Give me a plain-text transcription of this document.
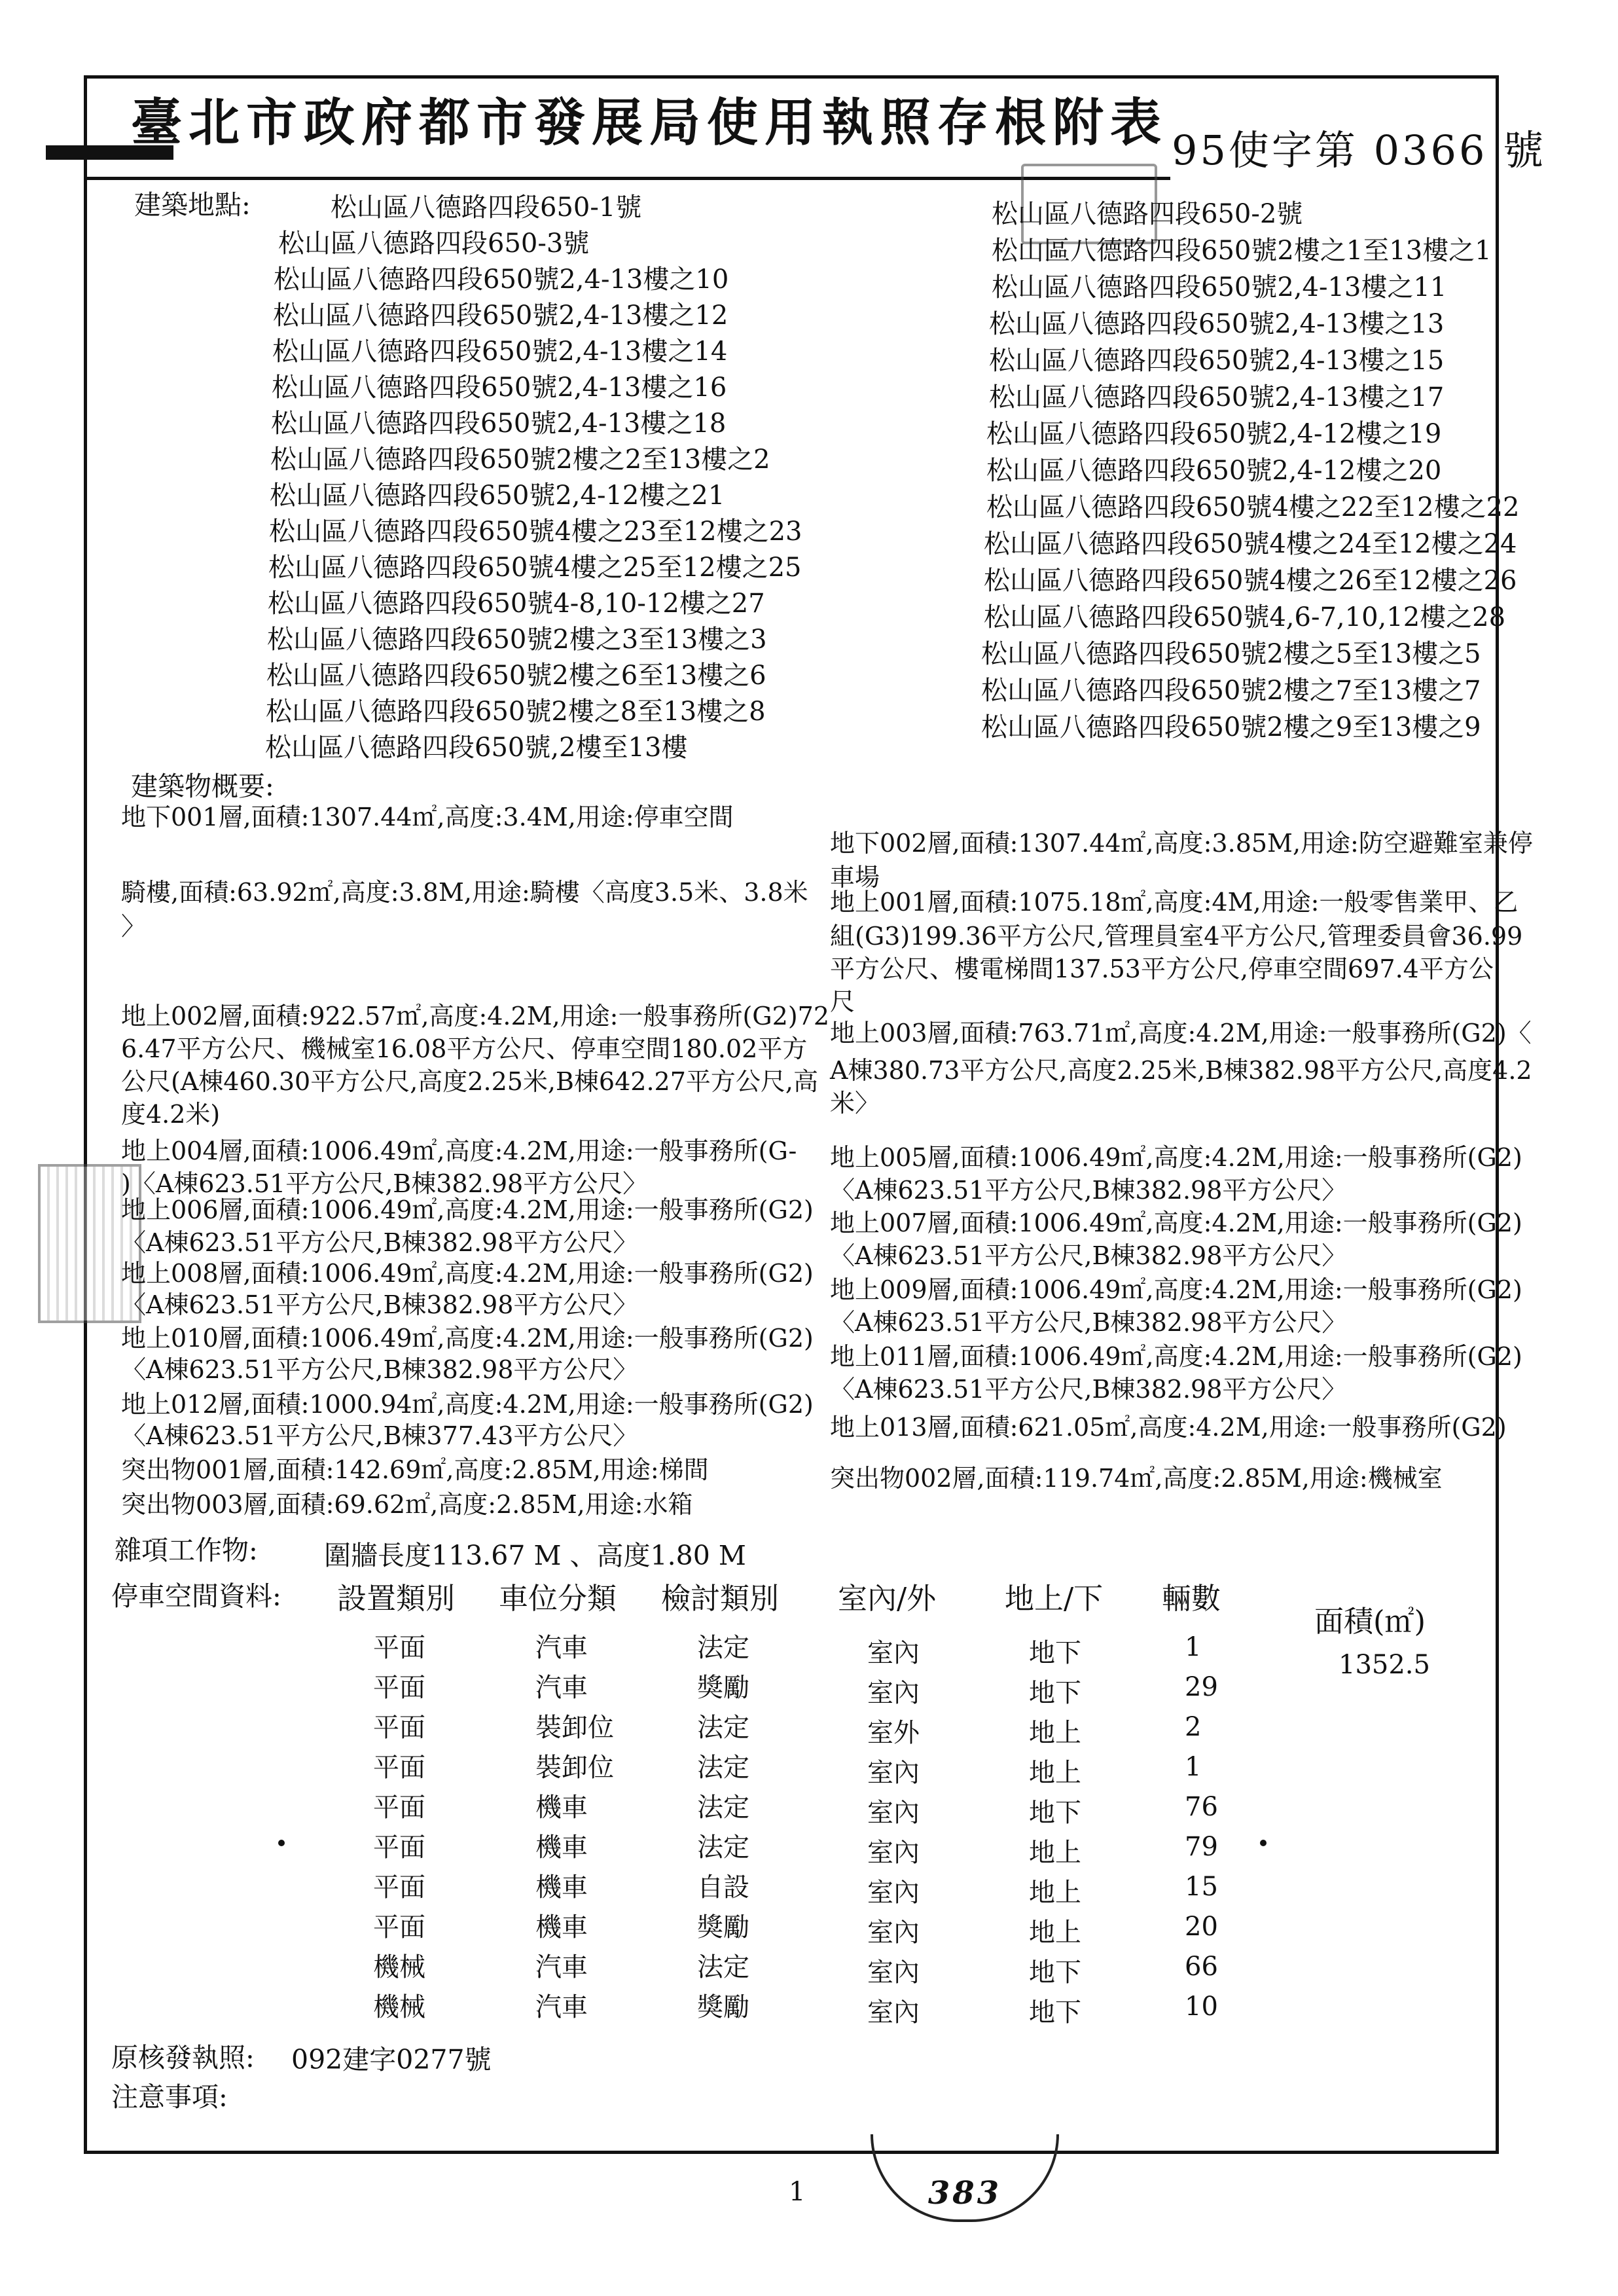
臺北市政府都市發展局使用執照存根附表 95使字第 0366 號
建築地點:	松山區八德路四段650-1號
松山區八德路四段650-3號
松山區八德路四段650號2,4-13樓之10
松山區八德路四段650號2,4-13樓之12
松山區八德路四段650號2,4-13樓之14
松山區八德路四段650號2,4-13樓之16
松山區八德路四段650號2,4-13樓之18
松山區八德路四段650號2樓之2至13樓之2
松山區八德路四段650號2,4-12樓之21
松山區八德路四段650號4樓之23至12樓之23
松山區八德路四段650號4樓之25至12樓之25
松山區八德路四段650號4-8,10-12樓之27
松山區八德路四段650號2樓之3至13樓之3
松山區八德路四段650號2樓之6至13樓之6
松山區八德路四段650號2樓之8至13樓之8
松山區八德路四段650號,2樓至13樓
松山區八德路四段650-2號
松山區八德路四段650號2樓之1至13樓之1
松山區八德路四段650號2,4-13樓之11
松山區八德路四段650號2,4-13樓之13
松山區八德路四段650號2,4-13樓之15
松山區八德路四段650號2,4-13樓之17
松山區八德路四段650號2,4-12樓之19
松山區八德路四段650號2,4-12樓之20
松山區八德路四段650號4樓之22至12樓之22
松山區八德路四段650號4樓之24至12樓之24
松山區八德路四段650號4樓之26至12樓之26
松山區八德路四段650號4,6-7,10,12樓之28
松山區八德路四段650號2樓之5至13樓之5
松山區八德路四段650號2樓之7至13樓之7
松山區八德路四段650號2樓之9至13樓之9
建築物概要:
地下001層,面積:1307.44㎡,高度:3.4M,用途:停車空間
騎樓,面積:63.92㎡,高度:3.8M,用途:騎樓〈高度3.5米、3.8米
〉
地上002層,面積:922.57㎡,高度:4.2M,用途:一般事務所(G2)72
6.47平方公尺、機械室16.08平方公尺、停車空間180.02平方
公尺(A棟460.30平方公尺,高度2.25米,B棟642.27平方公尺,高
度4.2米)
地上004層,面積:1006.49㎡,高度:4.2M,用途:一般事務所(G-
)〈A棟623.51平方公尺,B棟382.98平方公尺〉
地上006層,面積:1006.49㎡,高度:4.2M,用途:一般事務所(G2)
〈A棟623.51平方公尺,B棟382.98平方公尺〉
地上008層,面積:1006.49㎡,高度:4.2M,用途:一般事務所(G2)
〈A棟623.51平方公尺,B棟382.98平方公尺〉
地上010層,面積:1006.49㎡,高度:4.2M,用途:一般事務所(G2)
〈A棟623.51平方公尺,B棟382.98平方公尺〉
地上012層,面積:1000.94㎡,高度:4.2M,用途:一般事務所(G2)
〈A棟623.51平方公尺,B棟377.43平方公尺〉
突出物001層,面積:142.69㎡,高度:2.85M,用途:梯間
突出物003層,面積:69.62㎡,高度:2.85M,用途:水箱
地下002層,面積:1307.44㎡,高度:3.85M,用途:防空避難室兼停
車場
地上001層,面積:1075.18㎡,高度:4M,用途:一般零售業甲、乙
組(G3)199.36平方公尺,管理員室4平方公尺,管理委員會36.99
平方公尺、樓電梯間137.53平方公尺,停車空間697.4平方公
尺
地上003層,面積:763.71㎡,高度:4.2M,用途:一般事務所(G2)〈
A棟380.73平方公尺,高度2.25米,B棟382.98平方公尺,高度4.2
米〉
地上005層,面積:1006.49㎡,高度:4.2M,用途:一般事務所(G2)
〈A棟623.51平方公尺,B棟382.98平方公尺〉
地上007層,面積:1006.49㎡,高度:4.2M,用途:一般事務所(G2)
〈A棟623.51平方公尺,B棟382.98平方公尺〉
地上009層,面積:1006.49㎡,高度:4.2M,用途:一般事務所(G2)
〈A棟623.51平方公尺,B棟382.98平方公尺〉
地上011層,面積:1006.49㎡,高度:4.2M,用途:一般事務所(G2)
〈A棟623.51平方公尺,B棟382.98平方公尺〉
地上013層,面積:621.05㎡,高度:4.2M,用途:一般事務所(G2)
突出物002層,面積:119.74㎡,高度:2.85M,用途:機械室
雜項工作物: 圍牆長度113.67 M 、高度1.80 M
停車空間資料: 設置類別 車位分類 檢討類別 室內/外 地上/下 輛數
面積(㎡)
平面	汽車	法定	室內	地下	1
平面	汽車	獎勵	室內	地下	29
平面	裝卸位	法定	室外	地上	2
平面	裝卸位	法定	室內	地上	1
平面	機車	法定	室內	地下	76
平面	機車	法定	室內	地上	79
平面	機車	自設	室內	地上	15
平面	機車	獎勵	室內	地上	20
機械	汽車	法定	室內	地下	66
機械	汽車	獎勵	室內	地下	10
1352.5
原核發執照: 092建字0277號
注意事項:
1	383
